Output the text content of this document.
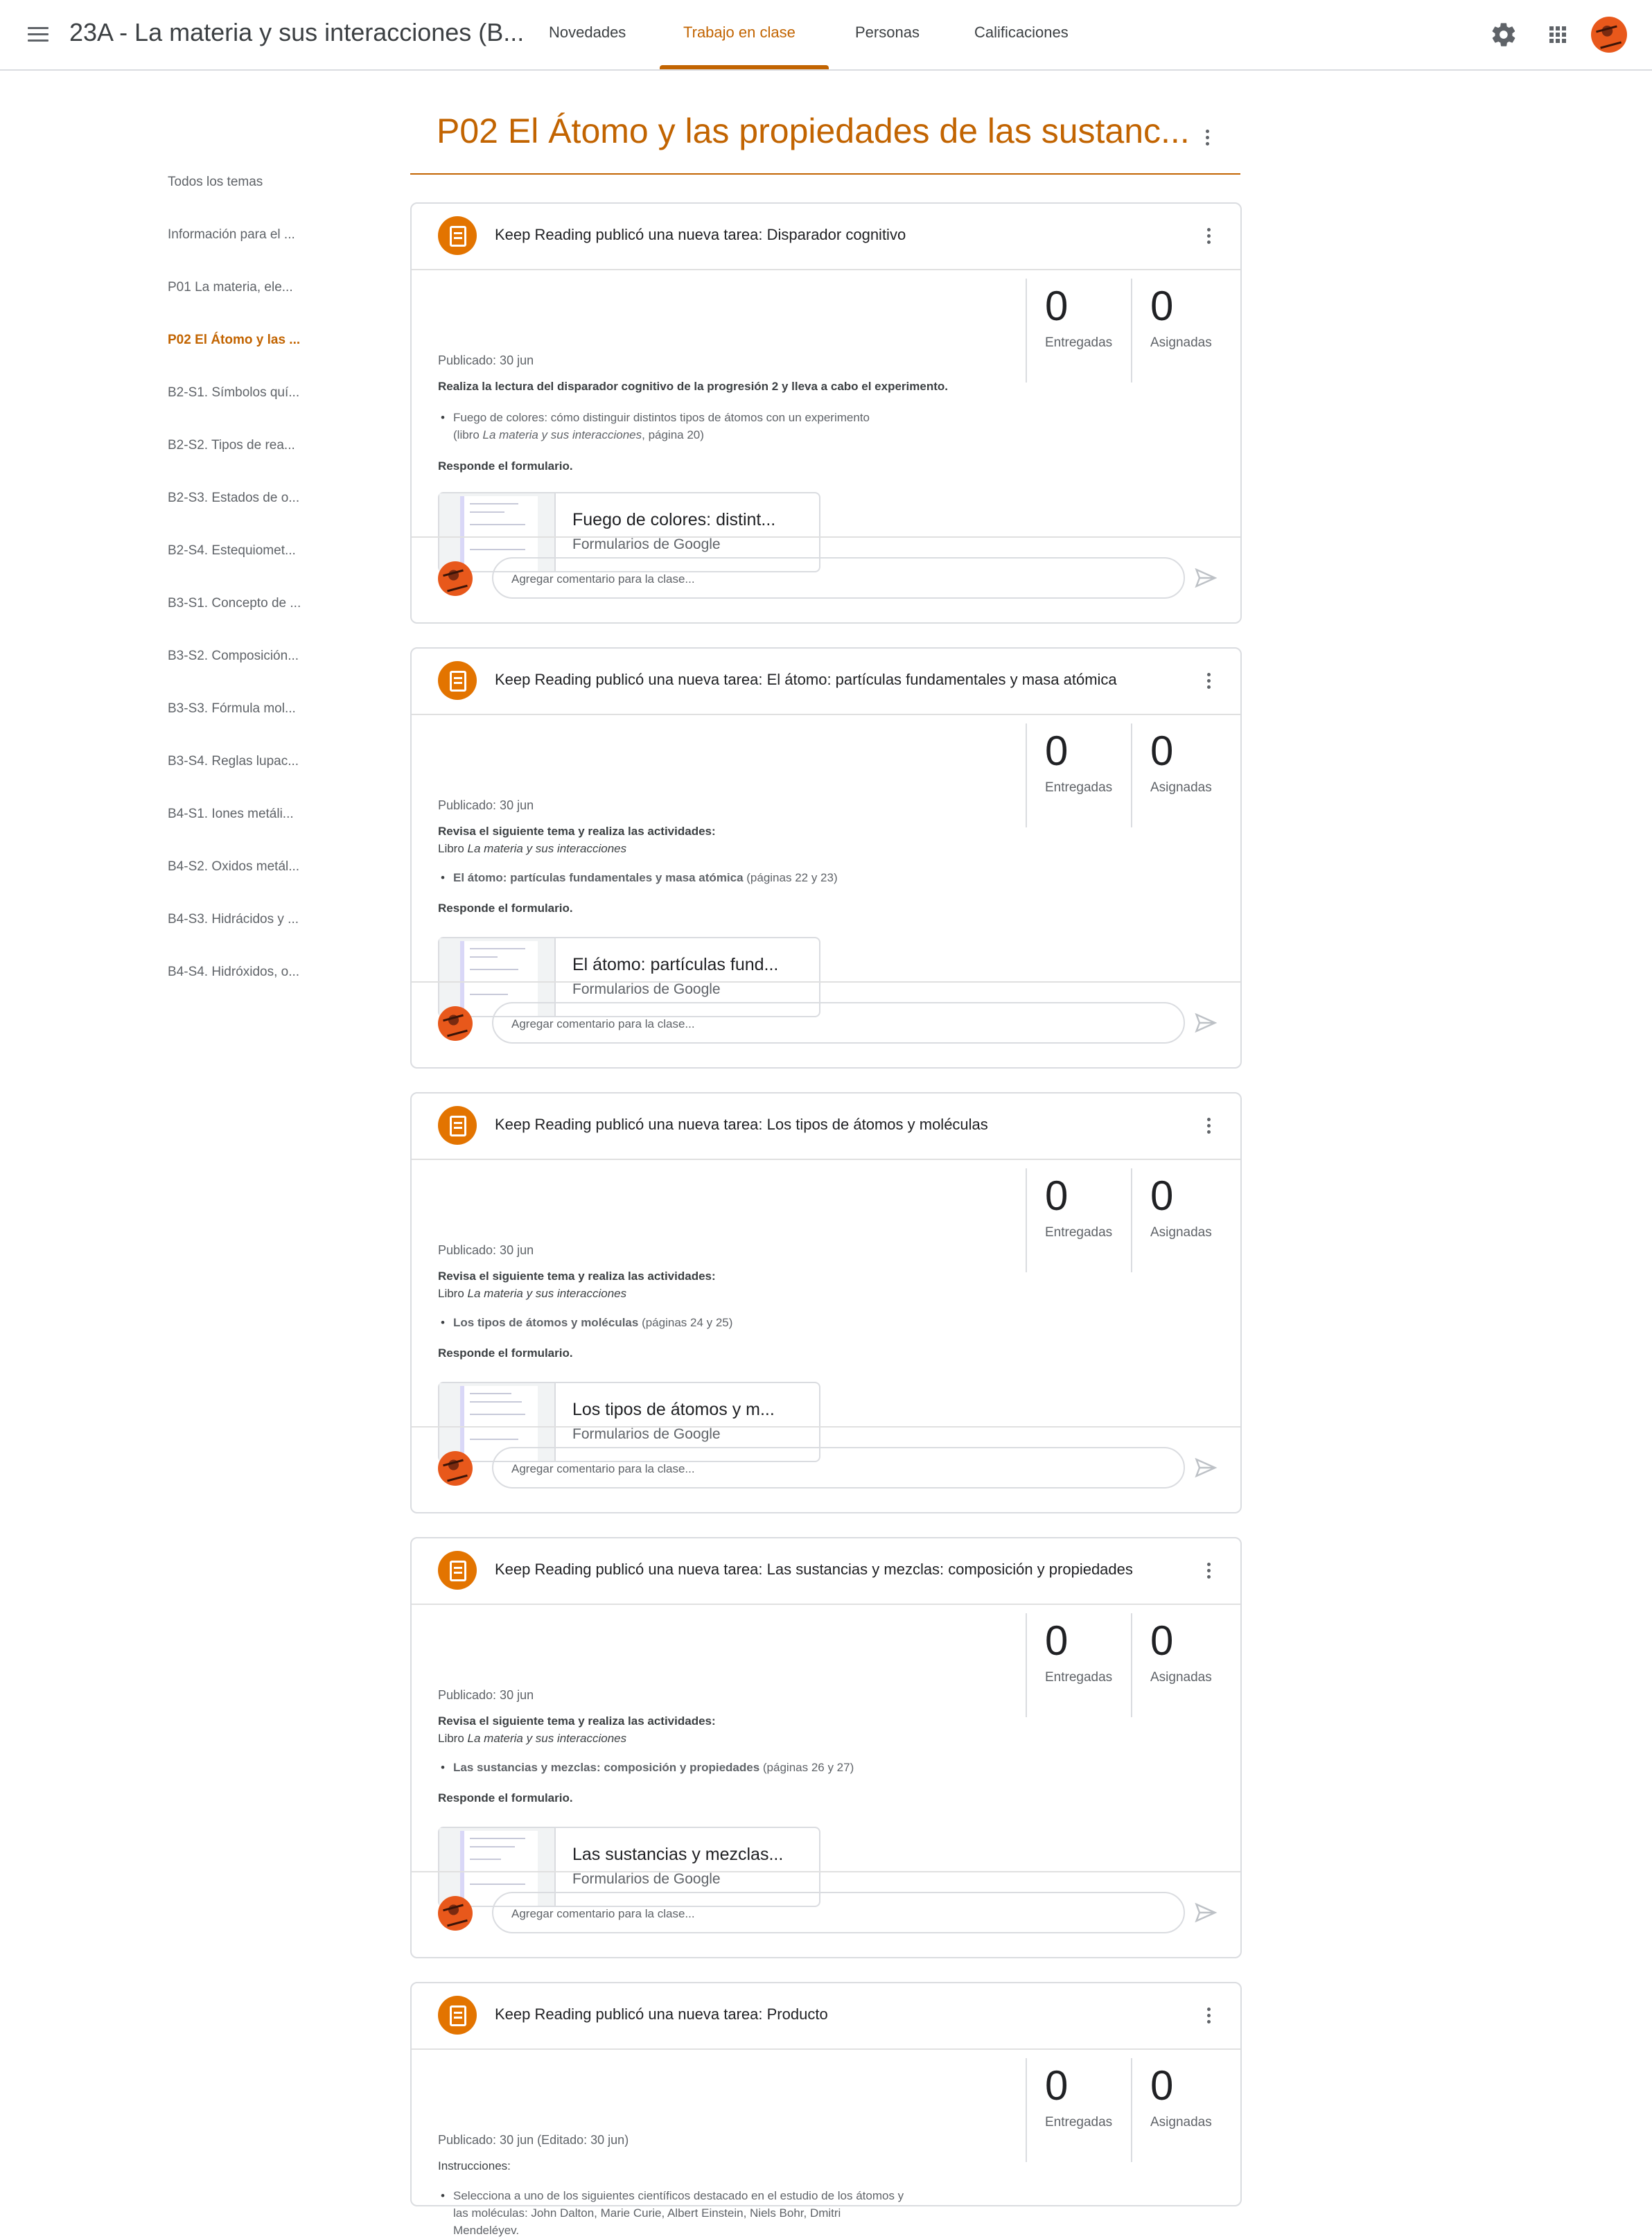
23A - La materia y sus interacciones (B... Novedades	Trabajo en clase	Personas	Calificaciones
Todos los temas
Información para el ...
P01 La materia, ele...
P02 El Átomo y las ...
B2-S1. Símbolos quí...
B2-S2. Tipos de rea...
B2-S3. Estados de o...
B2-S4. Estequiomet...
B3-S1. Concepto de ...
B3-S2. Composición...
B3-S3. Fórmula mol...
B3-S4. Reglas lupac...
B4-S1. Iones metáli...
B4-S2. Oxidos metál...
B4-S3. Hidrácidos y ...
B4-S4. Hidróxidos, o...
P02 El Átomo y las propiedades de las sustanc...
Keep Reading publicó una nueva tarea: Disparador cognitivo
Publicado: 30 jun
Realiza la lectura del disparador cognitivo de la progresión 2 y lleva a cabo el experimento.
• Fuego de colores: cómo distinguir distintos tipos de átomos con un experimento
(libro La materia y sus interacciones, página 20)
Responde el formulario.
0
Entregadas
0
Asignadas
Fuego de colores: distint...
Formularios de Google
Agregar comentario para la clase...
Keep Reading publicó una nueva tarea: El átomo: partículas fundamentales y masa atómica
Publicado: 30 jun
Revisa el siguiente tema y realiza las actividades:
Libro La materia y sus interacciones
• El átomo: partículas fundamentales y masa atómica (páginas 22 y 23)
Responde el formulario.
0
Entregadas
0
Asignadas
El átomo: partículas fund...
Formularios de Google
Agregar comentario para la clase...
Keep Reading publicó una nueva tarea: Los tipos de átomos y moléculas
Publicado: 30 jun
Revisa el siguiente tema y realiza las actividades:
Libro La materia y sus interacciones
• Los tipos de átomos y moléculas (páginas 24 y 25)
Responde el formulario.
0
Entregadas
0
Asignadas
Los tipos de átomos y m...
Formularios de Google
Agregar comentario para la clase...
Keep Reading publicó una nueva tarea: Las sustancias y mezclas: composición y propiedades
Publicado: 30 jun
Revisa el siguiente tema y realiza las actividades:
Libro La materia y sus interacciones
• Las sustancias y mezclas: composición y propiedades (páginas 26 y 27)
Responde el formulario.
0
Entregadas
0
Asignadas
Las sustancias y mezclas...
Formularios de Google
Agregar comentario para la clase...
Keep Reading publicó una nueva tarea: Producto
Publicado: 30 jun (Editado: 30 jun)
Instrucciones:
• Selecciona a uno de los siguientes científicos destacado en el estudio de los átomos y
las moléculas: John Dalton, Marie Curie, Albert Einstein, Niels Bohr, Dmitri
Mendeléyev.
0
Entregadas
0
Asignadas
